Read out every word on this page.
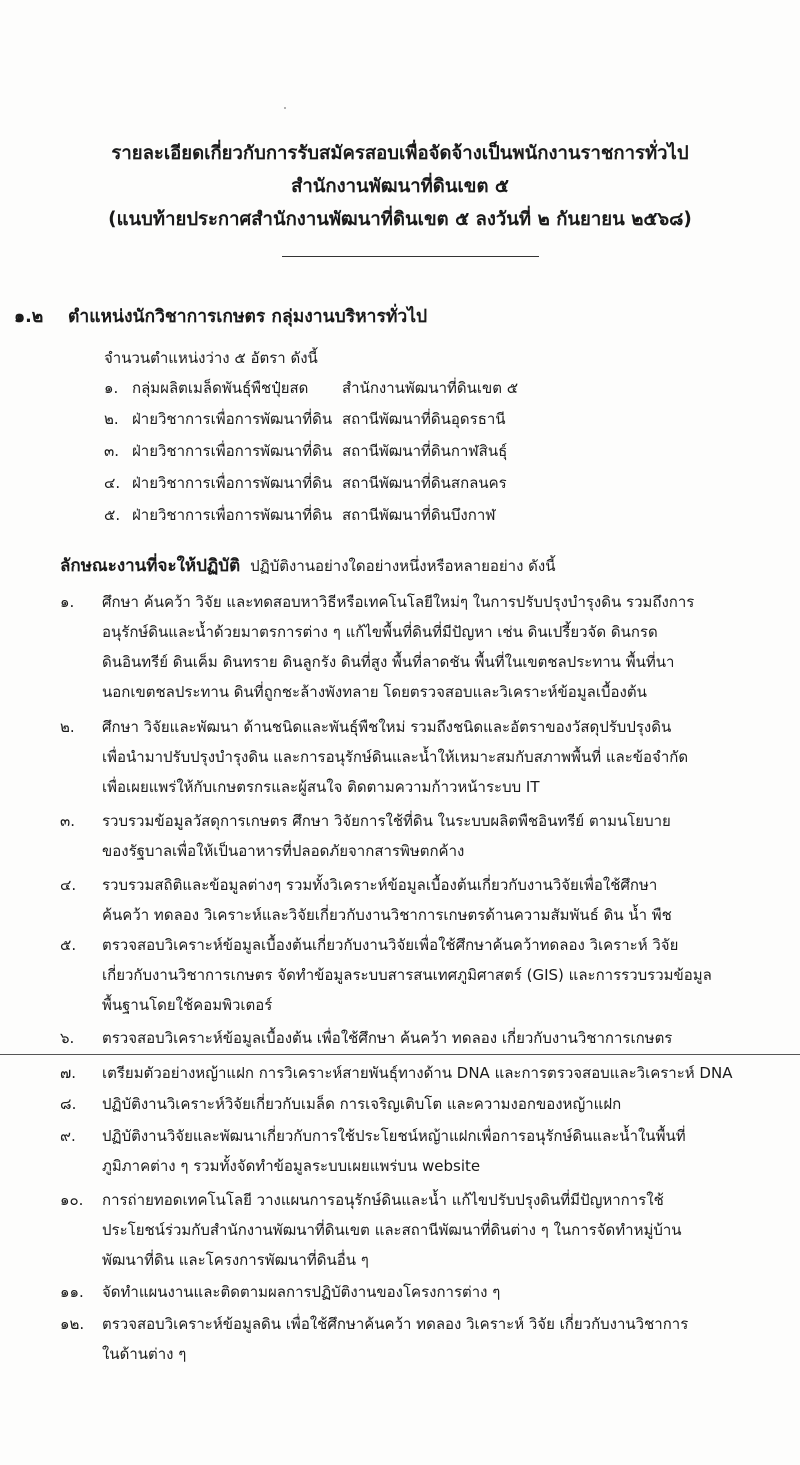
รายละเอียดเกี่ยวกับการรับสมัครสอบเพื่อจัดจ้างเป็นพนักงานราชการทั่วไป
สำนักงานพัฒนาที่ดินเขต ๕
(แนบท้ายประกาศสำนักงานพัฒนาที่ดินเขต ๕ ลงวันที่ ๒ กันยายน ๒๕๖๘)
๑.๒ ตำแหน่งนักวิชาการเกษตร กลุ่มงานบริหารทั่วไป
จำนวนตำแหน่งว่าง ๕ อัตรา ดังนี้
๑. กลุ่มผลิตเมล็ดพันธุ์พืชปุ๋ยสด สำนักงานพัฒนาที่ดินเขต ๕
๒. ฝ่ายวิชาการเพื่อการพัฒนาที่ดิน สถานีพัฒนาที่ดินอุดรธานี
๓. ฝ่ายวิชาการเพื่อการพัฒนาที่ดิน สถานีพัฒนาที่ดินกาฬสินธุ์
๔. ฝ่ายวิชาการเพื่อการพัฒนาที่ดิน สถานีพัฒนาที่ดินสกลนคร
๕. ฝ่ายวิชาการเพื่อการพัฒนาที่ดิน สถานีพัฒนาที่ดินบึงกาฬ
ลักษณะงานที่จะให้ปฏิบัติ ปฏิบัติงานอย่างใดอย่างหนึ่งหรือหลายอย่าง ดังนี้
๑.	ศึกษา ค้นคว้า วิจัย และทดสอบหาวิธีหรือเทคโนโลยีใหม่ๆ ในการปรับปรุงบำรุงดิน รวมถึงการ
อนุรักษ์ดินและน้ำด้วยมาตรการต่าง ๆ แก้ไขพื้นที่ดินที่มีปัญหา เช่น ดินเปรี้ยวจัด ดินกรด
ดินอินทรีย์ ดินเค็ม ดินทราย ดินลูกรัง ดินที่สูง พื้นที่ลาดชัน พื้นที่ในเขตชลประทาน พื้นที่นา
นอกเขตชลประทาน ดินที่ถูกชะล้างพังทลาย โดยตรวจสอบและวิเคราะห์ข้อมูลเบื้องต้น
๒.	ศึกษา วิจัยและพัฒนา ด้านชนิดและพันธุ์พืชใหม่ รวมถึงชนิดและอัตราของวัสดุปรับปรุงดิน
เพื่อนำมาปรับปรุงบำรุงดิน และการอนุรักษ์ดินและน้ำให้เหมาะสมกับสภาพพื้นที่ และข้อจำกัด
เพื่อเผยแพร่ให้กับเกษตรกรและผู้สนใจ ติดตามความก้าวหน้าระบบ IT
๓.	รวบรวมข้อมูลวัสดุการเกษตร ศึกษา วิจัยการใช้ที่ดิน ในระบบผลิตพืชอินทรีย์ ตามนโยบาย
ของรัฐบาลเพื่อให้เป็นอาหารที่ปลอดภัยจากสารพิษตกค้าง
๔.	รวบรวมสถิติและข้อมูลต่างๆ รวมทั้งวิเคราะห์ข้อมูลเบื้องต้นเกี่ยวกับงานวิจัยเพื่อใช้ศึกษา
ค้นคว้า ทดลอง วิเคราะห์และวิจัยเกี่ยวกับงานวิชาการเกษตรด้านความสัมพันธ์ ดิน น้ำ พืช
๕.	ตรวจสอบวิเคราะห์ข้อมูลเบื้องต้นเกี่ยวกับงานวิจัยเพื่อใช้ศึกษาค้นคว้าทดลอง วิเคราะห์ วิจัย
เกี่ยวกับงานวิชาการเกษตร จัดทำข้อมูลระบบสารสนเทศภูมิศาสตร์ (GIS) และการรวบรวมข้อมูล
พื้นฐานโดยใช้คอมพิวเตอร์
๖.	ตรวจสอบวิเคราะห์ข้อมูลเบื้องต้น เพื่อใช้ศึกษา ค้นคว้า ทดลอง เกี่ยวกับงานวิชาการเกษตร
๗.	เตรียมตัวอย่างหญ้าแฝก การวิเคราะห์สายพันธุ์ทางด้าน DNA และการตรวจสอบและวิเคราะห์ DNA
๘.	ปฏิบัติงานวิเคราะห์วิจัยเกี่ยวกับเมล็ด การเจริญเติบโต และความงอกของหญ้าแฝก
๙.	ปฏิบัติงานวิจัยและพัฒนาเกี่ยวกับการใช้ประโยชน์หญ้าแฝกเพื่อการอนุรักษ์ดินและน้ำในพื้นที่
ภูมิภาคต่าง ๆ รวมทั้งจัดทำข้อมูลระบบเผยแพร่บน website
๑๐.	การถ่ายทอดเทคโนโลยี วางแผนการอนุรักษ์ดินและน้ำ แก้ไขปรับปรุงดินที่มีปัญหาการใช้
ประโยชน์ร่วมกับสำนักงานพัฒนาที่ดินเขต และสถานีพัฒนาที่ดินต่าง ๆ ในการจัดทำหมู่บ้าน
พัฒนาที่ดิน และโครงการพัฒนาที่ดินอื่น ๆ
๑๑.	จัดทำแผนงานและติดตามผลการปฏิบัติงานของโครงการต่าง ๆ
๑๒.	ตรวจสอบวิเคราะห์ข้อมูลดิน เพื่อใช้ศึกษาค้นคว้า ทดลอง วิเคราะห์ วิจัย เกี่ยวกับงานวิชาการ
ในด้านต่าง ๆ
